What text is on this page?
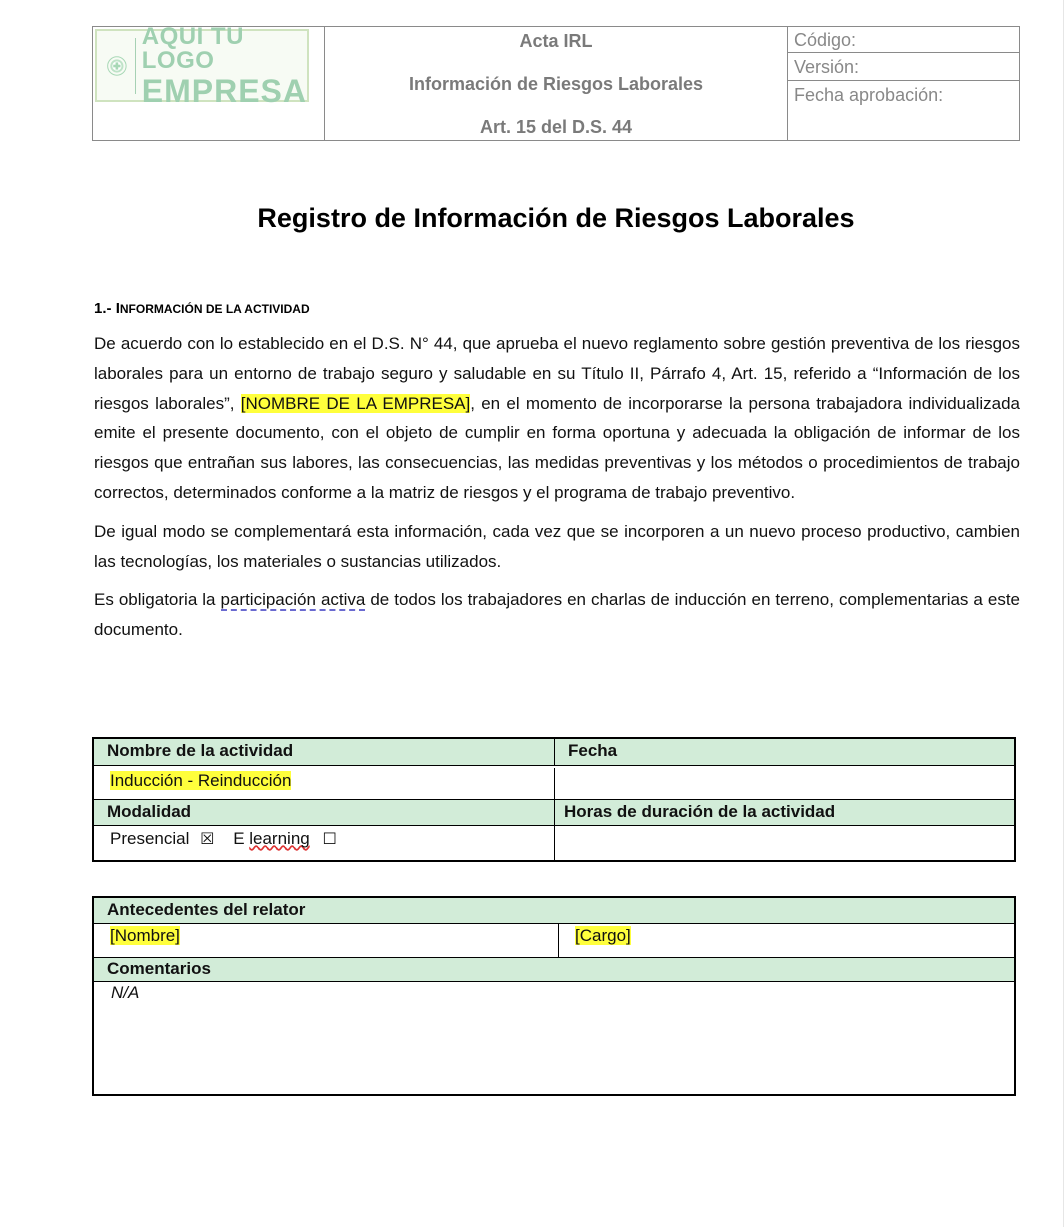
AQUI TU LOGO
EMPRESA
Acta IRL
Información de Riesgos Laborales
Art. 15 del D.S. 44
Código:
Versión:
Fecha aprobación:
Registro de Información de Riesgos Laborales
1.- INFORMACIÓN DE LA ACTIVIDAD
De acuerdo con lo establecido en el D.S. N° 44, que aprueba el nuevo reglamento sobre gestión preventiva de los riesgos laborales para un entorno de trabajo seguro y saludable en su Título II, Párrafo 4, Art. 15, referido a “Información de los riesgos laborales”, [NOMBRE DE LA EMPRESA], en el momento de incorporarse la persona trabajadora individualizada emite el presente documento, con el objeto de cumplir en forma oportuna y adecuada la obligación de informar de los riesgos que entrañan sus labores, las consecuencias, las medidas preventivas y los métodos o procedimientos de trabajo correctos, determinados conforme a la matriz de riesgos y el programa de trabajo preventivo.
De igual modo se complementará esta información, cada vez que se incorporen a un nuevo proceso productivo, cambien las tecnologías, los materiales o sustancias utilizados.
Es obligatoria la participación activa de todos los trabajadores en charlas de inducción en terreno, complementarias a este documento.
Nombre de la actividad	Fecha
Inducción - Reinducción
Modalidad	Horas de duración de la actividad
Presencial ☒ E learning ☐
Antecedentes del relator
[Nombre]	[Cargo]
Comentarios
N/A
